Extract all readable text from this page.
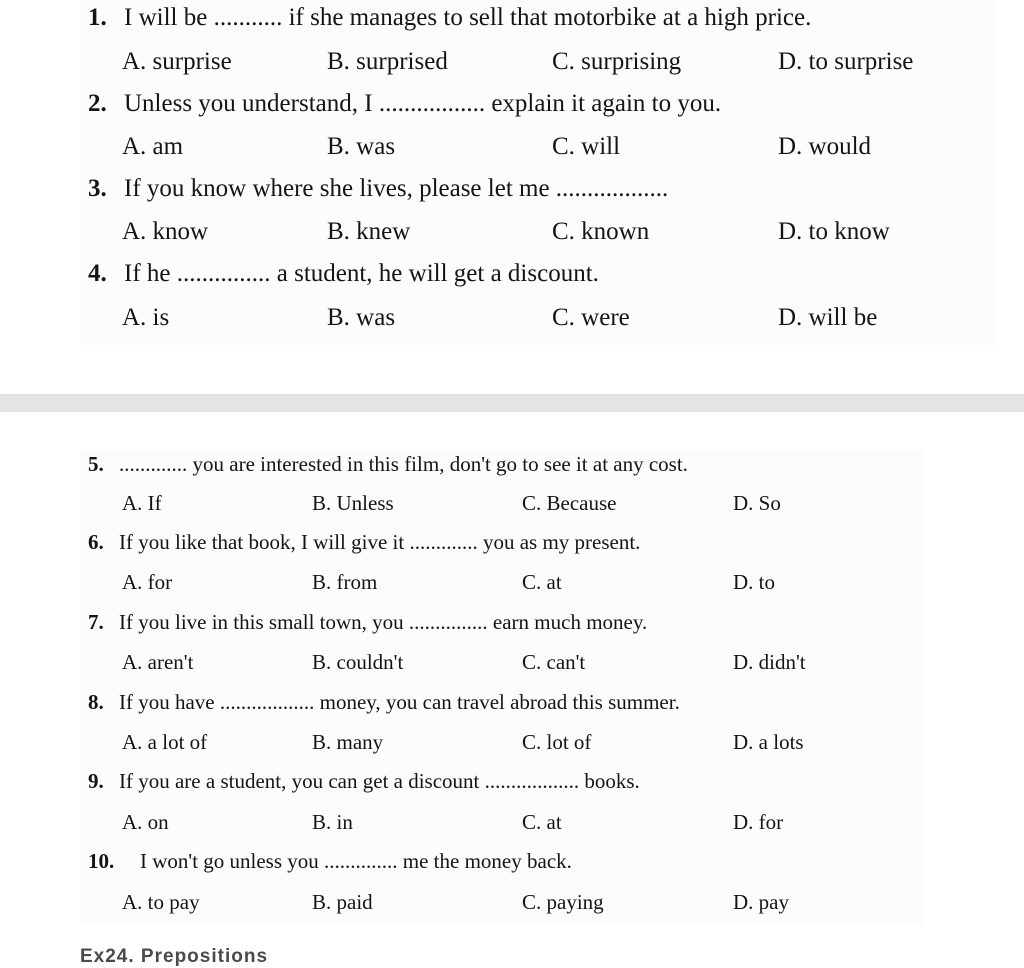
1. I will be ........... if she manages to sell that motorbike at a high price.
A. surprise	B. surprised	C. surprising	D. to surprise
2. Unless you understand, I ................. explain it again to you.
A. am	B. was	C. will	D. would
3. If you know where she lives, please let me ..................
A. know	B. knew	C. known	D. to know
4. If he ............... a student, he will get a discount.
A. is	B. was	C. were	D. will be
5. ............. you are interested in this film, don't go to see it at any cost.
A. If	B. Unless	C. Because	D. So
6. If you like that book, I will give it ............. you as my present.
A. for	B. from	C. at	D. to
7. If you live in this small town, you ............... earn much money.
A. aren't	B. couldn't	C. can't	D. didn't
8. If you have .................. money, you can travel abroad this summer.
A. a lot of	B. many	C. lot of	D. a lots
9. If you are a student, you can get a discount .................. books.
A. on	B. in	C. at	D. for
10. I won't go unless you .............. me the money back.
A. to pay	B. paid	C. paying	D. pay
Ex24. Prepositions
